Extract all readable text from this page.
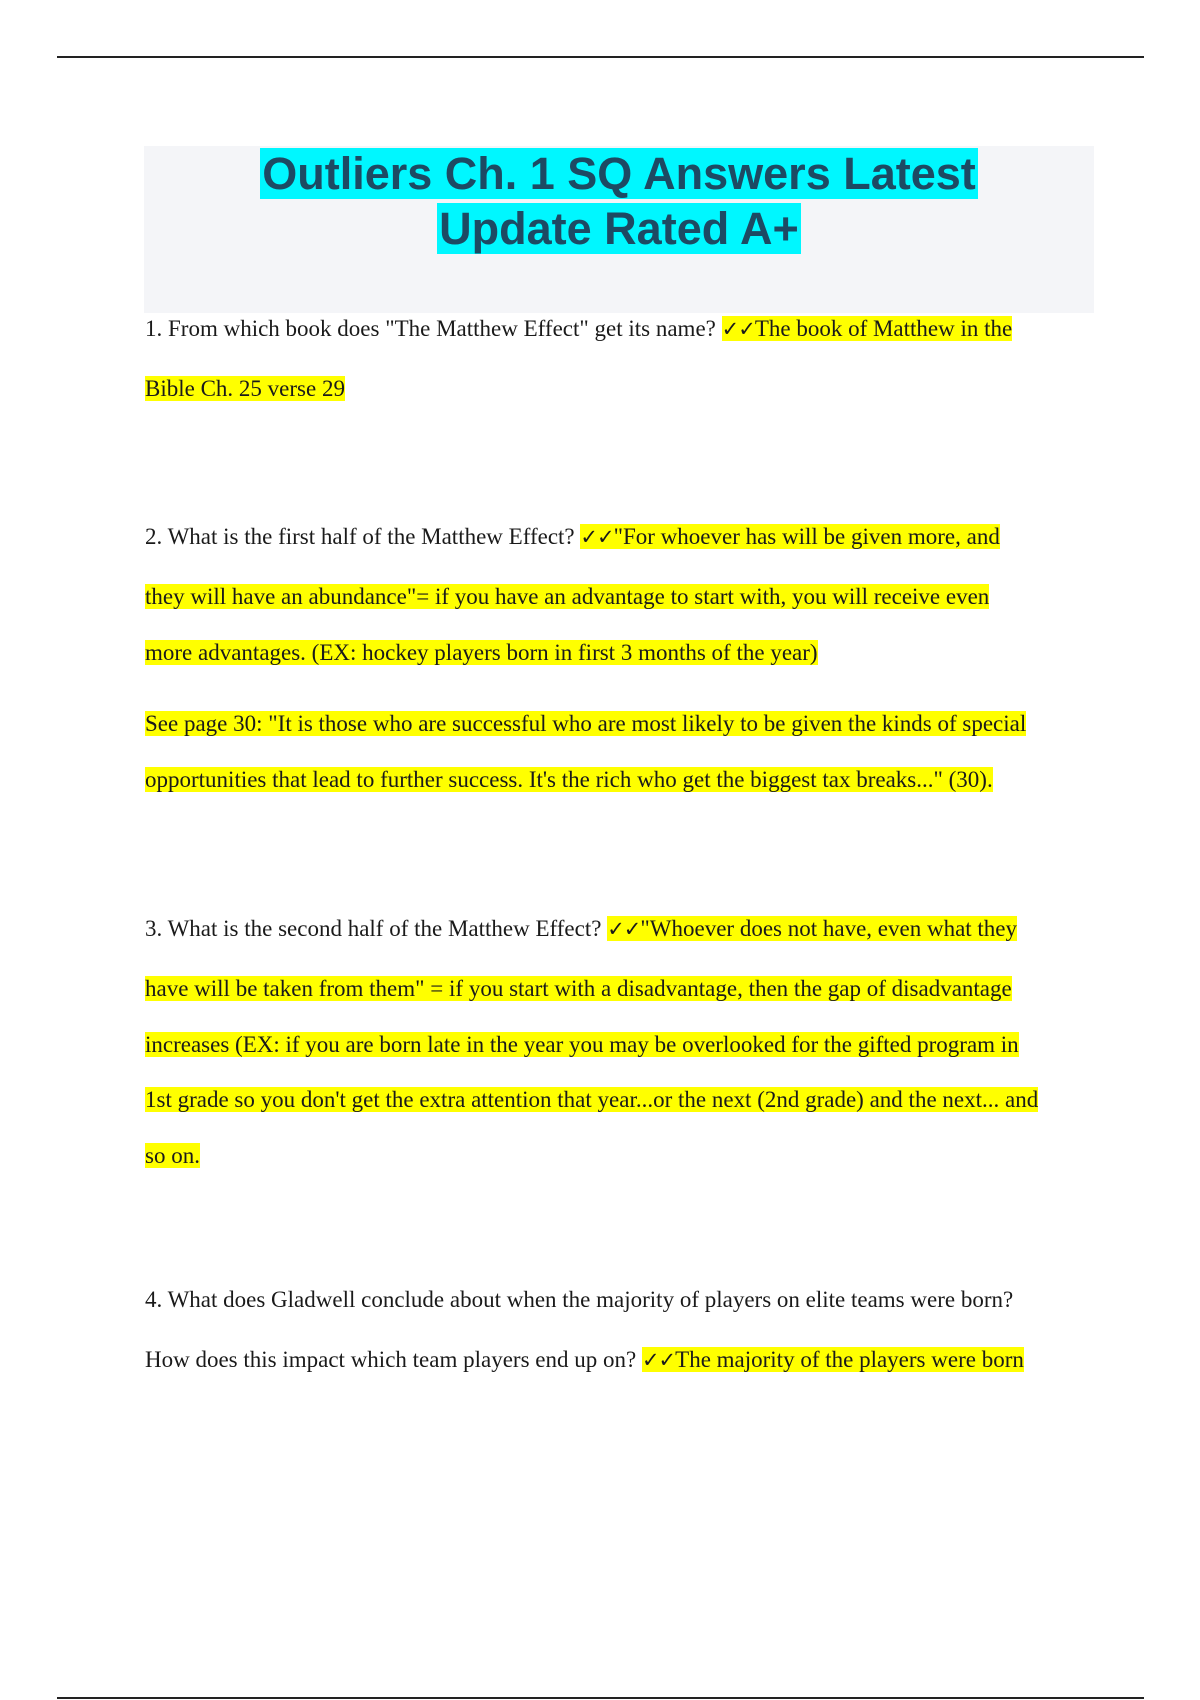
Outliers Ch. 1 SQ Answers Latest
Update Rated A+

1. From which book does "The Matthew Effect" get its name? ✓✓The book of Matthew in the

Bible Ch. 25 verse 29

2. What is the first half of the Matthew Effect? ✓✓"For whoever has will be given more, and

they will have an abundance"= if you have an advantage to start with, you will receive even

more advantages. (EX: hockey players born in first 3 months of the year)

See page 30: "It is those who are successful who are most likely to be given the kinds of special

opportunities that lead to further success. It's the rich who get the biggest tax breaks..." (30).

3. What is the second half of the Matthew Effect? ✓✓"Whoever does not have, even what they

have will be taken from them" = if you start with a disadvantage, then the gap of disadvantage

increases (EX: if you are born late in the year you may be overlooked for the gifted program in

1st grade so you don't get the extra attention that year...or the next (2nd grade) and the next... and

so on.

4. What does Gladwell conclude about when the majority of players on elite teams were born?

How does this impact which team players end up on? ✓✓The majority of the players were born
